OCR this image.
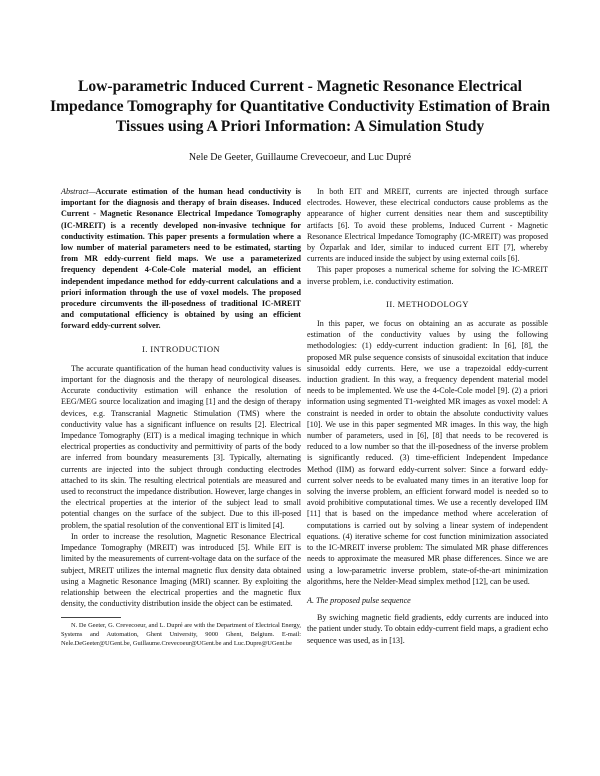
Low-parametric Induced Current - Magnetic Resonance Electrical Impedance Tomography for Quantitative Conductivity Estimation of Brain Tissues using A Priori Information: A Simulation Study
Nele De Geeter, Guillaume Crevecoeur, and Luc Dupré

Abstract—Accurate estimation of the human head conductivity is important for the diagnosis and therapy of brain diseases. Induced Current - Magnetic Resonance Electrical Impedance Tomography (IC-MREIT) is a recently developed non-invasive technique for conductivity estimation. This paper presents a formulation where a low number of material parameters need to be estimated, starting from MR eddy-current field maps. We use a parameterized frequency dependent 4-Cole-Cole material model, an efficient independent impedance method for eddy-current calculations and a priori information through the use of voxel models. The proposed procedure circumvents the ill-posedness of traditional IC-MREIT and computational efficiency is obtained by using an efficient forward eddy-current solver.

I. INTRODUCTION

The accurate quantification of the human head conductivity values is important for the diagnosis and the therapy of neurological diseases. Accurate conductivity estimation will enhance the resolution of EEG/MEG source localization and imaging [1] and the design of therapy devices, e.g. Transcranial Magnetic Stimulation (TMS) where the conductivity value has a significant influence on results [2]. Electrical Impedance Tomography (EIT) is a medical imaging technique in which electrical properties as conductivity and permittivity of parts of the body are inferred from boundary measurements [3]. Typically, alternating currents are injected into the subject through conducting electrodes attached to its skin. The resulting electrical potentials are measured and used to reconstruct the impedance distribution. However, large changes in the electrical properties at the interior of the subject lead to small potential changes on the surface of the subject. Due to this ill-posed problem, the spatial resolution of the conventional EIT is limited [4].

In order to increase the resolution, Magnetic Resonance Electrical Impedance Tomography (MREIT) was introduced [5]. While EIT is limited by the measurements of current-voltage data on the surface of the subject, MREIT utilizes the internal magnetic flux density data obtained using a Magnetic Resonance Imaging (MRI) scanner. By exploiting the relationship between the electrical properties and the magnetic flux density, the conductivity distribution inside the object can be estimated.

N. De Geeter, G. Crevecoeur, and L. Dupré are with the Department of Electrical Energy, Systems and Automation, Ghent University, 9000 Ghent, Belgium. E-mail: Nele.DeGeeter@UGent.be, Guillaume.Crevecoeur@UGent.be and Luc.Dupre@UGent.be

In both EIT and MREIT, currents are injected through surface electrodes. However, these electrical conductors cause problems as the appearance of higher current densities near them and susceptibility artifacts [6]. To avoid these problems, Induced Current - Magnetic Resonance Electrical Impedance Tomography (IC-MREIT) was proposed by Özparlak and Ider, similar to induced current EIT [7], whereby currents are induced inside the subject by using external coils [6].

This paper proposes a numerical scheme for solving the IC-MREIT inverse problem, i.e. conductivity estimation.

II. METHODOLOGY

In this paper, we focus on obtaining an as accurate as possible estimation of the conductivity values by using the following methodologies: (1) eddy-current induction gradient: In [6], [8], the proposed MR pulse sequence consists of sinusoidal excitation that induce sinusoidal eddy currents. Here, we use a trapezoidal eddy-current induction gradient. In this way, a frequency dependent material model needs to be implemented. We use the 4-Cole-Cole model [9]. (2) a priori information using segmented T1-weighted MR images as voxel model: A constraint is needed in order to obtain the absolute conductivity values [10]. We use in this paper segmented MR images. In this way, the high number of parameters, used in [6], [8] that needs to be recovered is reduced to a low number so that the ill-posedness of the inverse problem is significantly reduced. (3) time-efficient Independent Impedance Method (IIM) as forward eddy-current solver: Since a forward eddy-current solver needs to be evaluated many times in an iterative loop for solving the inverse problem, an efficient forward model is needed so to avoid prohibitive computational times. We use a recently developed IIM [11] that is based on the impedance method where acceleration of computations is carried out by solving a linear system of independent equations. (4) iterative scheme for cost function minimization associated to the IC-MREIT inverse problem: The simulated MR phase differences needs to approximate the measured MR phase differences. Since we are using a low-parametric inverse problem, state-of-the-art minimization algorithms, here the Nelder-Mead simplex method [12], can be used.

A. The proposed pulse sequence

By swiching magnetic field gradients, eddy currents are induced into the patient under study. To obtain eddy-current field maps, a gradient echo sequence was used, as in [13].
